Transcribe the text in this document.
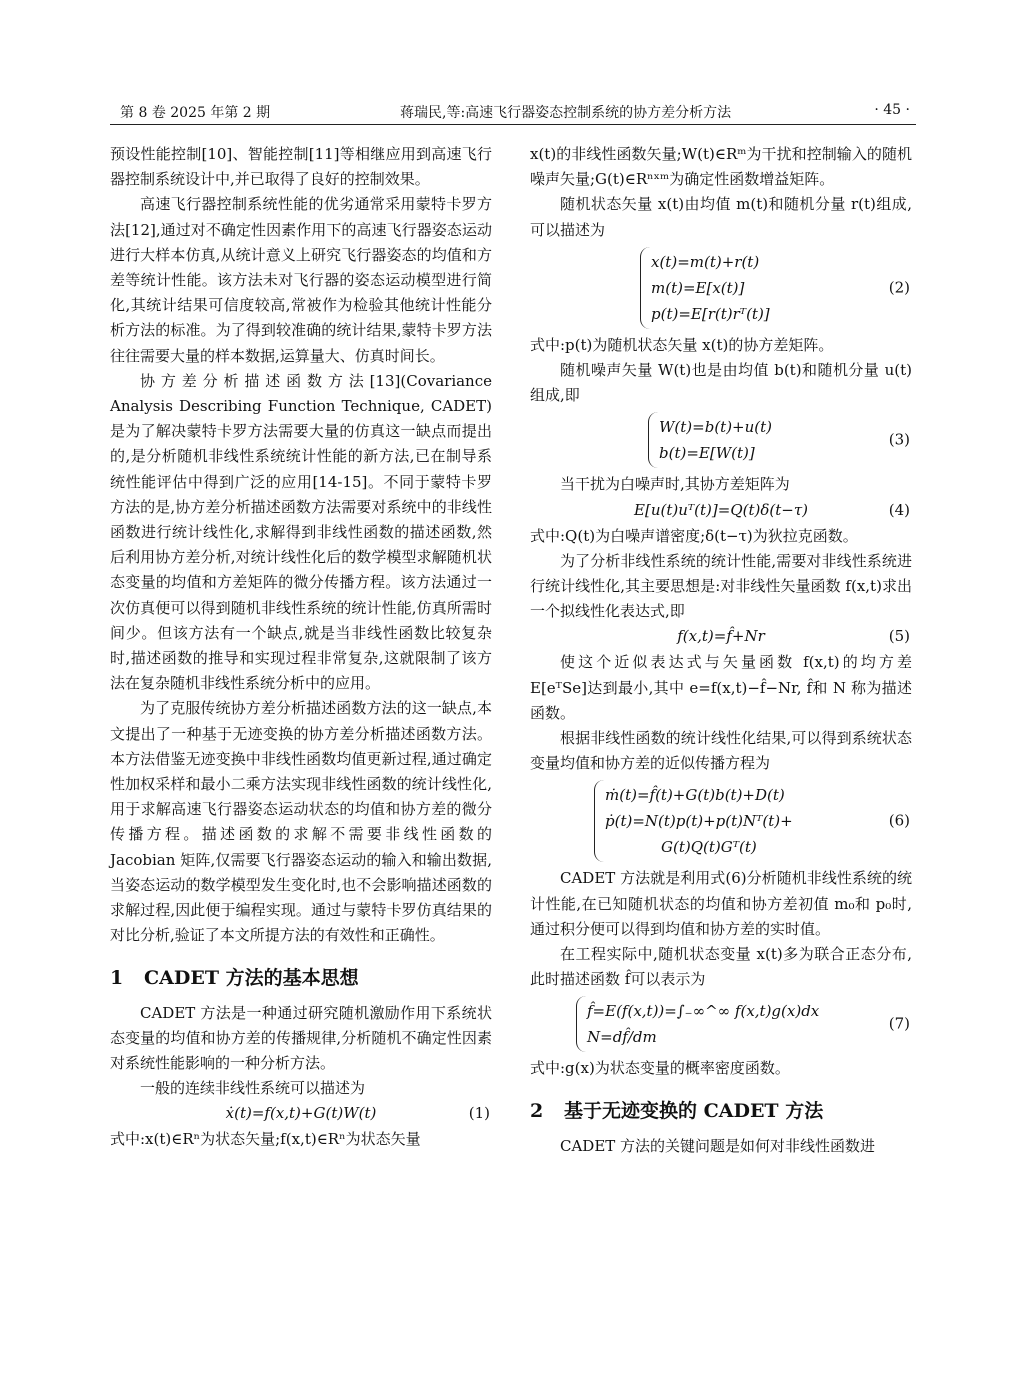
第 8 卷 2025 年第 2 期	蒋瑞民,等:高速飞行器姿态控制系统的协方差分析方法	· 45 ·

预设性能控制[10]、智能控制[11]等相继应用到高速飞行器控制系统设计中,并已取得了良好的控制效果。

高速飞行器控制系统性能的优劣通常采用蒙特卡罗方法[12],通过对不确定性因素作用下的高速飞行器姿态运动进行大样本仿真,从统计意义上研究飞行器姿态的均值和方差等统计性能。该方法未对飞行器的姿态运动模型进行简化,其统计结果可信度较高,常被作为检验其他统计性能分析方法的标准。为了得到较准确的统计结果,蒙特卡罗方法往往需要大量的样本数据,运算量大、仿真时间长。

协方差分析描述函数方法[13](Covariance Analysis Describing Function Technique, CADET)是为了解决蒙特卡罗方法需要大量的仿真这一缺点而提出的,是分析随机非线性系统统计性能的新方法,已在制导系统性能评估中得到广泛的应用[14-15]。不同于蒙特卡罗方法的是,协方差分析描述函数方法需要对系统中的非线性函数进行统计线性化,求解得到非线性函数的描述函数,然后利用协方差分析,对统计线性化后的数学模型求解随机状态变量的均值和方差矩阵的微分传播方程。该方法通过一次仿真便可以得到随机非线性系统的统计性能,仿真所需时间少。但该方法有一个缺点,就是当非线性函数比较复杂时,描述函数的推导和实现过程非常复杂,这就限制了该方法在复杂随机非线性系统分析中的应用。

为了克服传统协方差分析描述函数方法的这一缺点,本文提出了一种基于无迹变换的协方差分析描述函数方法。本方法借鉴无迹变换中非线性函数均值更新过程,通过确定性加权采样和最小二乘方法实现非线性函数的统计线性化,用于求解高速飞行器姿态运动状态的均值和协方差的微分传播方程。描述函数的求解不需要非线性函数的 Jacobian 矩阵,仅需要飞行器姿态运动的输入和输出数据,当姿态运动的数学模型发生变化时,也不会影响描述函数的求解过程,因此便于编程实现。通过与蒙特卡罗仿真结果的对比分析,验证了本文所提方法的有效性和正确性。

1 CADET 方法的基本思想

CADET 方法是一种通过研究随机激励作用下系统状态变量的均值和协方差的传播规律,分析随机不确定性因素对系统性能影响的一种分析方法。

一般的连续非线性系统可以描述为

ẋ(t)=f(x,t)+G(t)W(t)	(1)

式中:x(t)∈Rⁿ为状态矢量;f(x,t)∈Rⁿ为状态矢量

x(t)的非线性函数矢量;W(t)∈Rᵐ为干扰和控制输入的随机噪声矢量;G(t)∈Rⁿˣᵐ为确定性函数增益矩阵。

随机状态矢量 x(t)由均值 m(t)和随机分量 r(t)组成,可以描述为

x(t)=m(t)+r(t)
m(t)=E[x(t)]
p(t)=E[r(t)rᵀ(t)]
(2)

式中:p(t)为随机状态矢量 x(t)的协方差矩阵。

随机噪声矢量 W(t)也是由均值 b(t)和随机分量 u(t)组成,即

W(t)=b(t)+u(t)
b(t)=E[W(t)]
(3)

当干扰为白噪声时,其协方差矩阵为

E[u(t)uᵀ(t)]=Q(t)δ(t−τ)	(4)

式中:Q(t)为白噪声谱密度;δ(t−τ)为狄拉克函数。

为了分析非线性系统的统计性能,需要对非线性系统进行统计线性化,其主要思想是:对非线性矢量函数 f(x,t)求出一个拟线性化表达式,即

f(x,t)=f̂+Nr	(5)

使这个近似表达式与矢量函数 f(x,t)的均方差 E[eᵀSe]达到最小,其中 e=f(x,t)−f̂−Nr, f̂和 N 称为描述函数。

根据非线性函数的统计线性化结果,可以得到系统状态变量均值和协方差的近似传播方程为

ṁ(t)=f̂(t)+G(t)b(t)+D(t)
ṗ(t)=N(t)p(t)+p(t)Nᵀ(t)+
G(t)Q(t)Gᵀ(t)
(6)

CADET 方法就是利用式(6)分析随机非线性系统的统计性能,在已知随机状态的均值和协方差初值 m₀和 p₀时,通过积分便可以得到均值和协方差的实时值。

在工程实际中,随机状态变量 x(t)多为联合正态分布,此时描述函数 f̂可以表示为

f̂=E(f(x,t))=∫₋∞^∞ f(x,t)g(x)dx
N=df̂/dm
(7)

式中:g(x)为状态变量的概率密度函数。

2 基于无迹变换的 CADET 方法

CADET 方法的关键问题是如何对非线性函数进
